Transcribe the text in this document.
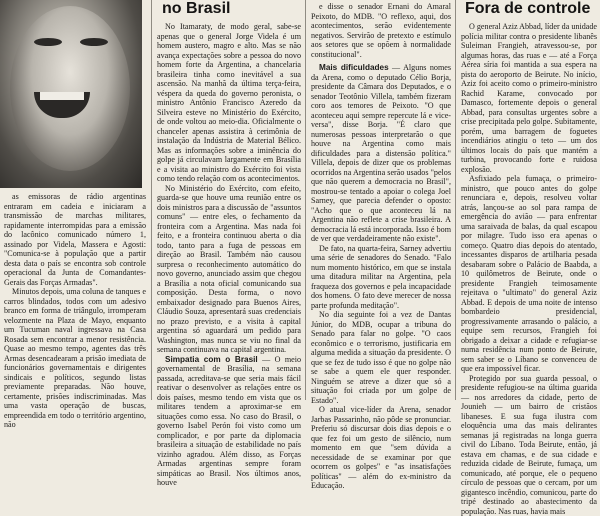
no Brasil	Fora de controle

as emissoras de rádio argentinas entraram em cadeia e iniciaram a transmissão de marchas militares, rapidamente interrompidas para a emissão do lacônico comunicado número 1, assinado por Videla, Massera e Agosti: "Comunica-se à população que a partir desta data o país se encontra sob controle operacional da Junta de Comandantes-Gerais das Forças Armadas".

Minutos depois, uma coluna de tanques e carros blindados, todos com um adesivo branco em forma de triângulo, irromperam velozmente na Plaza de Mayo, enquanto um Tucuman naval ingressava na Casa Rosada sem encontrar a menor resistência. Quase ao mesmo tempo, agentes das três Armas desencadearam a prisão imediata de funcionários governamentais e dirigentes sindicais e políticos, segundo listas previamente preparadas. Não houve, certamente, prisões indiscriminadas. Mas uma vasta operação de buscas, empreendida em todo o território argentino, não

No Itamaraty, de modo geral, sabe-se apenas que o general Jorge Videla é um homem austero, magro e alto. Mas se não avança expectações sobre a pessoa do novo homem forte da Argentina, a chancelaria brasileira tinha como inevitável a sua ascensão. Na manhã da última terça-feira, véspera da queda do governo peronista, o ministro Antônio Francisco Azeredo da Silveira esteve no Ministério do Exército, de onde voltou ao meio-dia. Oficialmente o chanceler apenas assistira à cerimônia de instalação da Indústria de Material Bélico. Mas as informações sobre a iminência do golpe já circulavam largamente em Brasília e a visita ao ministro do Exército foi vista como tendo relação com os acontecimentos.

No Ministério do Exército, com efeito, guarda-se que houve uma reunião entre os dois ministros para a discussão de "assuntos comuns" — entre eles, o fechamento da fronteira com a Argentina. Mas nada foi feito, e a fronteira continuou aberta o dia todo, tanto para a fuga de pessoas em direção ao Brasil. Também não causou surpresa o reconhecimento automático do novo governo, anunciado assim que chegou a Brasília a nota oficial comunicando sua composição. Desta forma, o novo embaixador designado para Buenos Aires, Cláudio Souza, apresentará suas credenciais no prazo previsto, e a visita à capital argentina só aguardará um pedido para Washington, mas nunca se viu no final da semana continuava na capital argentina.

Simpatia com o Brasil — O meio governamental de Brasília, na semana passada, acreditava-se que seria mais fácil reativar o desenvolver as relações entre os dois países, mesmo tendo em vista que os militares tendem a aproximar-se em situações como essa. No caso do Brasil, o governo Isabel Perón foi visto como um complicador, e por parte da diplomacia brasileira a situação de estabilidade no país vizinho agradou. Além disso, as Forças Armadas argentinas sempre foram simpáticas ao Brasil. Nos últimos anos, houve

e disse o senador Ernani do Amaral Peixoto, do MDB. "O reflexo, aqui, dos acontecimentos, serão evidentemente negativos. Servirão de pretexto e estímulo aos setores que se opõem à normalidade constitucional".

Mais dificuldades — Alguns nomes da Arena, como o deputado Célio Borja, presidente da Câmara dos Deputados, e o senador Teotônio Villela, também fizeram coro aos temores de Peixoto. "O que aconteceu aqui sempre repercute lá e vice-versa", disse Borja. "É claro que numerosas pessoas interpretarão o que houve na Argentina como mais dificuldades para a distensão política." Villela, depois de dizer que os problemas ocorridos na Argentina serão usados "pelos que não querem a democracia no Brasil", mostrou-se tentado a apoiar o colega Joel Sarney, que parecia defender o oposto: "Acho que o que aconteceu lá na Argentina não reflete a crise brasileira. A democracia lá está incorporada. Isso é bom de ver que verdadeiramente não existe".

De fato, na quarta-feira, Sarney advertiu uma série de senadores do Senado. "Falo num momento histórico, em que se instala uma ditadura militar na Argentina, pela fraqueza dos governos e pela incapacidade dos homens. O fato deve merecer de nossa parte profunda meditação".

No dia seguinte foi a vez de Dantas Júnior, do MDB, ocupar a tribuna do Senado para falar no golpe. "O caos econômico e o terrorismo, justificaria em alguma medida a situação da presidente. O que se fez de tudo isso é que no golpe não se sabe a quem ele quer responder. Ninguém se atreve a dizer que só a situação foi criada por um golpe de Estado".

O atual vice-líder da Arena, senador Jarbas Passarinho, não pôde se pronunciar. Preferiu só discursar dois dias depois e o que fez foi um gesto de silêncio, num momento em que "sem dúvida a necessidade de se examinar por que ocorrem os golpes" e "as insatisfações políticas" — além do ex-ministro da Educação.

O general Aziz Abbad, líder da unidade polícia militar contra o presidente libanês Suleiman Frangieh, atravessou-se, por algumas horas, das ruas e — até a Força Aérea síria foi mantida a sua espera na pista do aeroporto de Beirute. No início, Aziz foi aceito como o primeiro-ministro Rachid Karame, convocado por Damasco, fortemente depois o general Abbad, para consultas urgentes sobre a crise precipitada pelo golpe. Subitamente, porém, uma barragem de foguetes incendiários atingiu o teto — um dos últimos locais do país que mantém a turbina, provocando forte e ruidosa explosão.

Asfixiado pela fumaça, o primeiro-ministro, que pouco antes do golpe renunciara e, depois, resolveu voltar atrás, lançou-se ao sol para rampa de emergência do avião — para enfrentar uma saraivada de balas, da qual escapou por milagre. Tudo isso era apenas o começo. Quatro dias depois do atentado, incessantes disparos de artilharia pesada desabaram sobre o Palácio de Baabda, a 10 quilômetros de Beirute, onde o presidente Frangieh teimosamente rejeitava o "ultimato" do general Aziz Abbad. E depois de uma noite de intenso bombardeio presidencial, progressivamente arrasando o palácio, a equipe sem recursos, Frangieh foi obrigado a deixar a cidade e refugiar-se numa residência num ponto de Beirute, sem saber se o Líbano se convenceu de que era impossível ficar.

Protegido por sua guarda pessoal, o presidente refugiou-se na última guarida — nos arredores da cidade, perto de Jounieh — um bairro de cristãos libaneses. E sua fuga ilustra com eloquência uma das mais delirantes semanas já registradas na longa guerra civil do Líbano. Toda Beirute, então, já estava em chamas, e de sua cidade e reduzida cidade de Beirute, fumaça, um comunicado, até porque, ele o pequeno círculo de pessoas que o cercam, por um gigantesco incêndio, comunicou, parte do tripé destinado ao abastecimento da população. Nas ruas, havia mais
